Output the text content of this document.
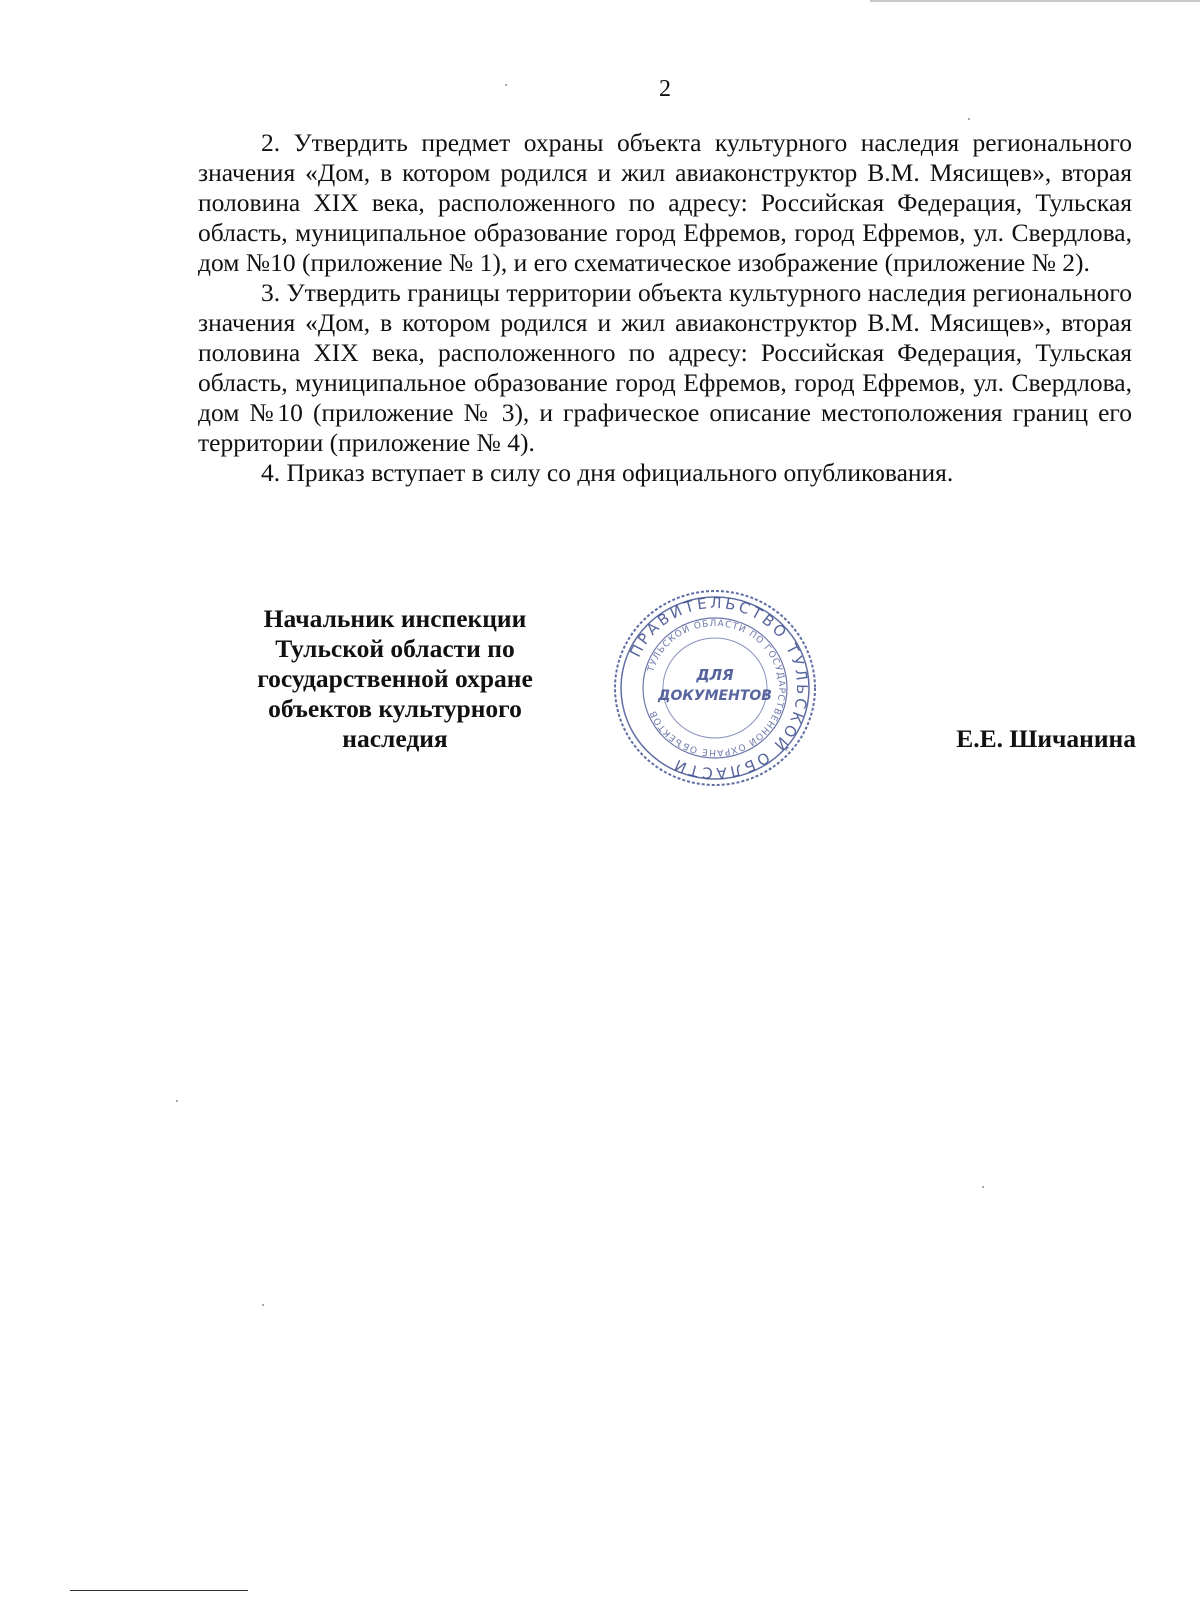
2

2. Утвердить предмет охраны объекта культурного наследия регионального значения «Дом, в котором родился и жил авиаконструктор В.М. Мясищев», вторая половина XIX века, расположенного по адресу: Российская Федерация, Тульская область, муниципальное образование город Ефремов, город Ефремов, ул. Свердлова, дом №10 (приложение № 1), и его схематическое изображение (приложение № 2).

3. Утвердить границы территории объекта культурного наследия регионального значения «Дом, в котором родился и жил авиаконструктор В.М. Мясищев», вторая половина XIX века, расположенного по адресу: Российская Федерация, Тульская область, муниципальное образование город Ефремов, город Ефремов, ул. Свердлова, дом №10 (приложение № 3), и графическое описание местоположения границ его территории (приложение № 4).

4. Приказ вступает в силу со дня официального опубликования.

Начальник инспекции
Тульской области по
государственной охране
объектов культурного
наследия
ПРАВИТЕЛЬСТВО ТУЛЬСКОЙ ОБЛАСТИ
ТУЛЬСКОЙ ОБЛАСТИ ПО ГОСУДАРСТВЕННОЙ ОХРАНЕ ОБЪЕКТОВ
ДЛЯ
ДОКУМЕНТОВ
Е.Е. Шичанина
